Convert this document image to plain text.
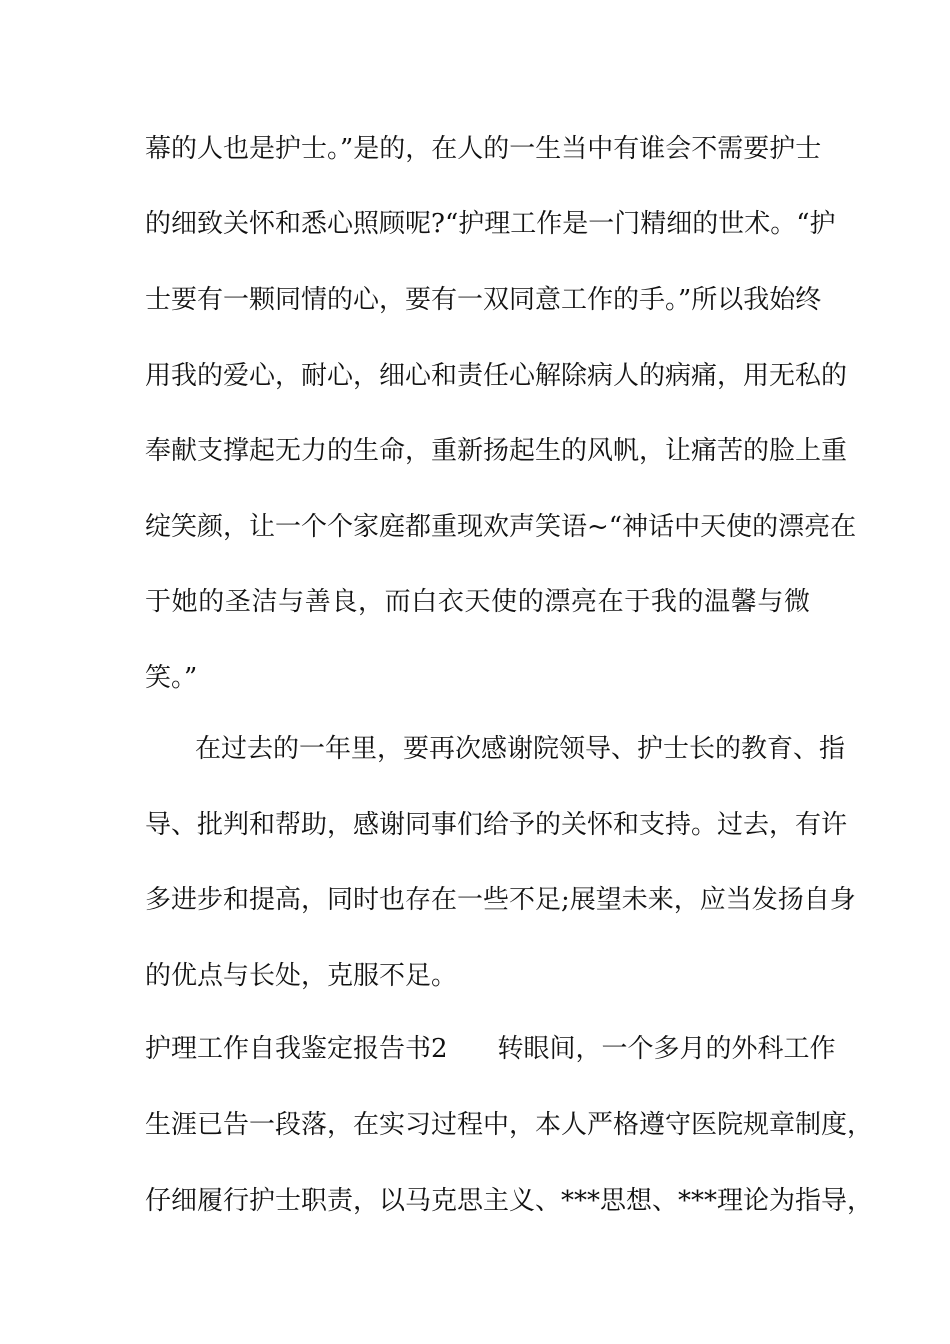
幕的人也是护士。”是的，在人的一生当中有谁会不需要护士
的细致关怀和悉心照顾呢?“护理工作是一门精细的世术。“护
士要有一颗同情的心，要有一双同意工作的手。”所以我始终
用我的爱心，耐心，细心和责任心解除病人的病痛，用无私的
奉献支撑起无力的生命，重新扬起生的风帆，让痛苦的脸上重
绽笑颜，让一个个家庭都重现欢声笑语~“神话中天使的漂亮在
于她的圣洁与善良，而白衣天使的漂亮在于我的温馨与微
笑。”
在过去的一年里，要再次感谢院领导、护士长的教育、指
导、批判和帮助，感谢同事们给予的关怀和支持。过去，有许
多进步和提高，同时也存在一些不足;展望未来，应当发扬自身
的优点与长处，克服不足。
护理工作自我鉴定报告书2 转眼间，一个多月的外科工作
生涯已告一段落，在实习过程中，本人严格遵守医院规章制度，
仔细履行护士职责，以马克思主义、***思想、***理论为指导，
